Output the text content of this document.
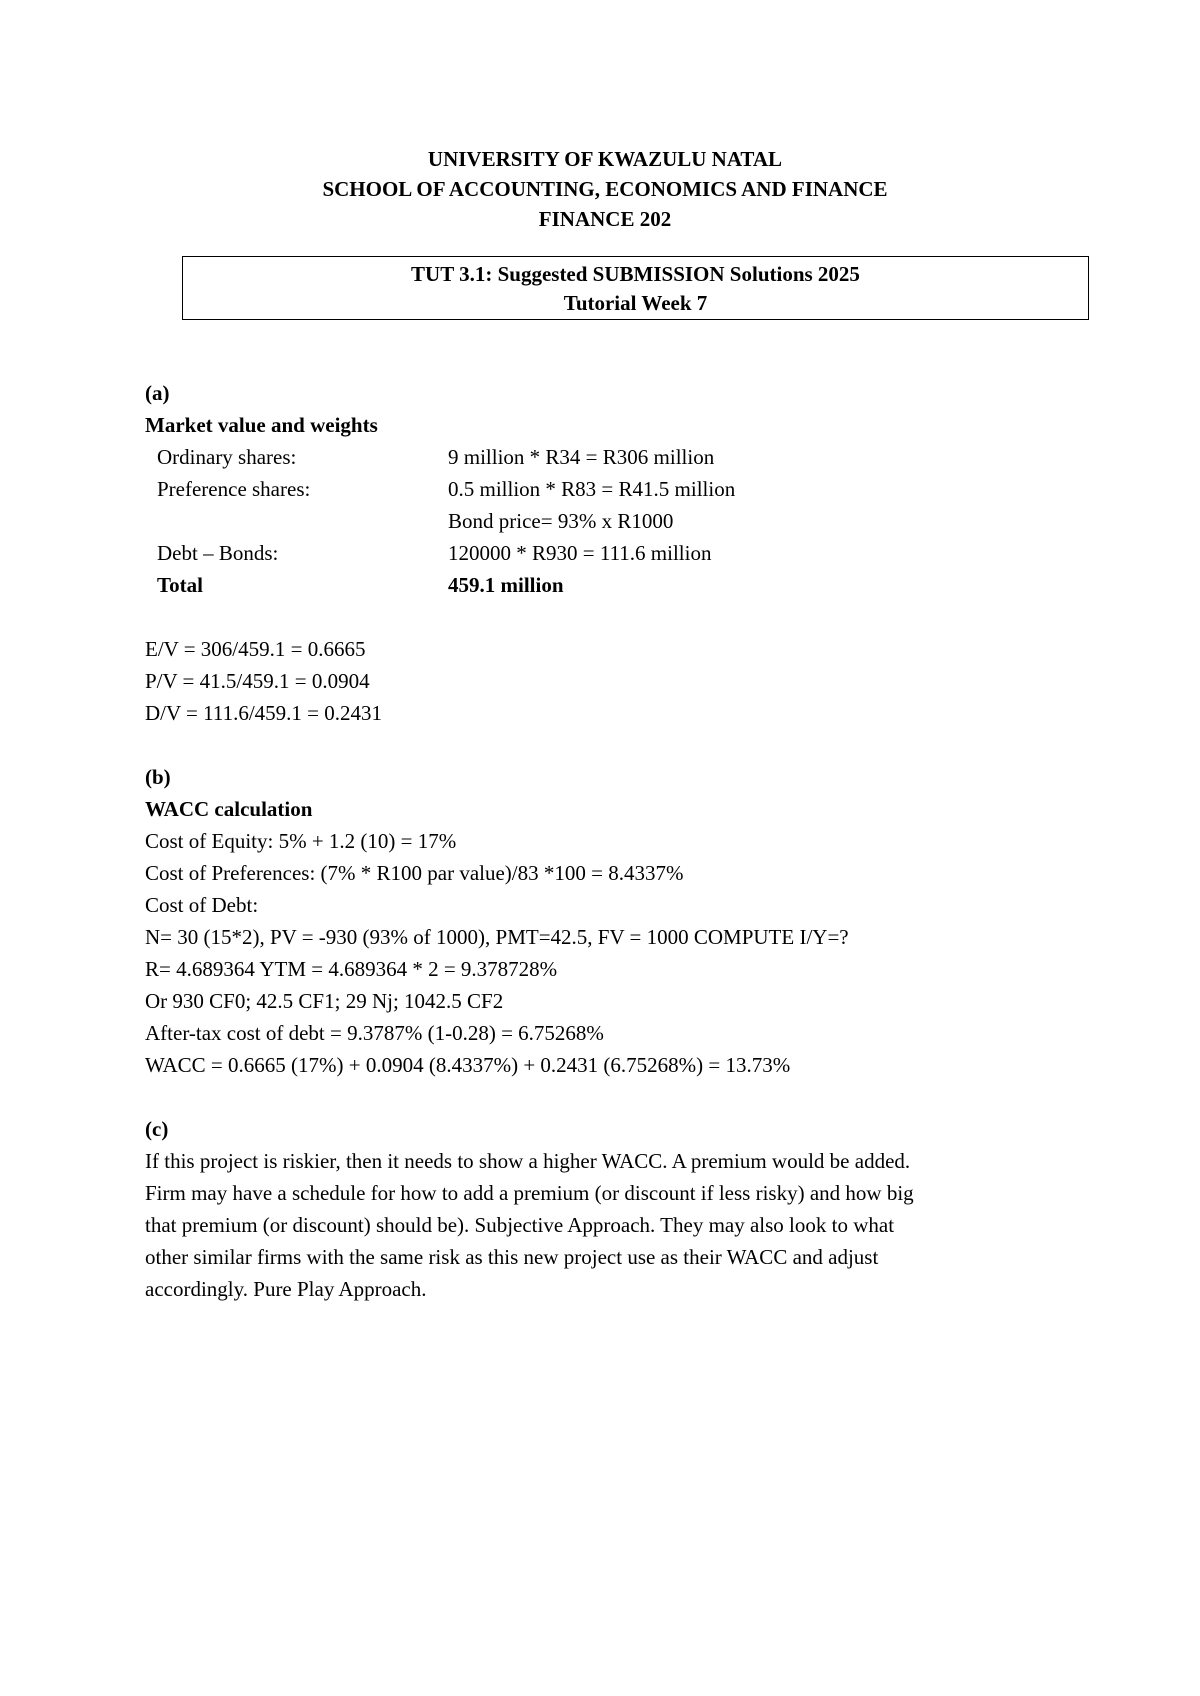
UNIVERSITY OF KWAZULU NATAL
SCHOOL OF ACCOUNTING, ECONOMICS AND FINANCE
FINANCE 202
TUT 3.1: Suggested SUBMISSION Solutions 2025
Tutorial Week 7
(a)
Market value and weights
Ordinary shares:	9 million * R34 = R306 million
Preference shares:	0.5 million * R83 = R41.5 million
Bond price= 93% x R1000
Debt – Bonds:	120000 * R930 = 111.6 million
Total	459.1 million
E/V = 306/459.1 = 0.6665
P/V = 41.5/459.1 = 0.0904
D/V = 111.6/459.1 = 0.2431
(b)
WACC calculation
Cost of Equity: 5% + 1.2 (10) = 17%
Cost of Preferences: (7% * R100 par value)/83 *100 = 8.4337%
Cost of Debt:
N= 30 (15*2), PV = -930 (93% of 1000), PMT=42.5, FV = 1000 COMPUTE I/Y=?
R= 4.689364 YTM = 4.689364 * 2 = 9.378728%
Or 930 CF0; 42.5 CF1; 29 Nj; 1042.5 CF2
After-tax cost of debt = 9.3787% (1-0.28) = 6.75268%
WACC = 0.6665 (17%) + 0.0904 (8.4337%) + 0.2431 (6.75268%) = 13.73%
(c)
If this project is riskier, then it needs to show a higher WACC. A premium would be added.
Firm may have a schedule for how to add a premium (or discount if less risky) and how big
that premium (or discount) should be). Subjective Approach. They may also look to what
other similar firms with the same risk as this new project use as their WACC and adjust
accordingly. Pure Play Approach.
